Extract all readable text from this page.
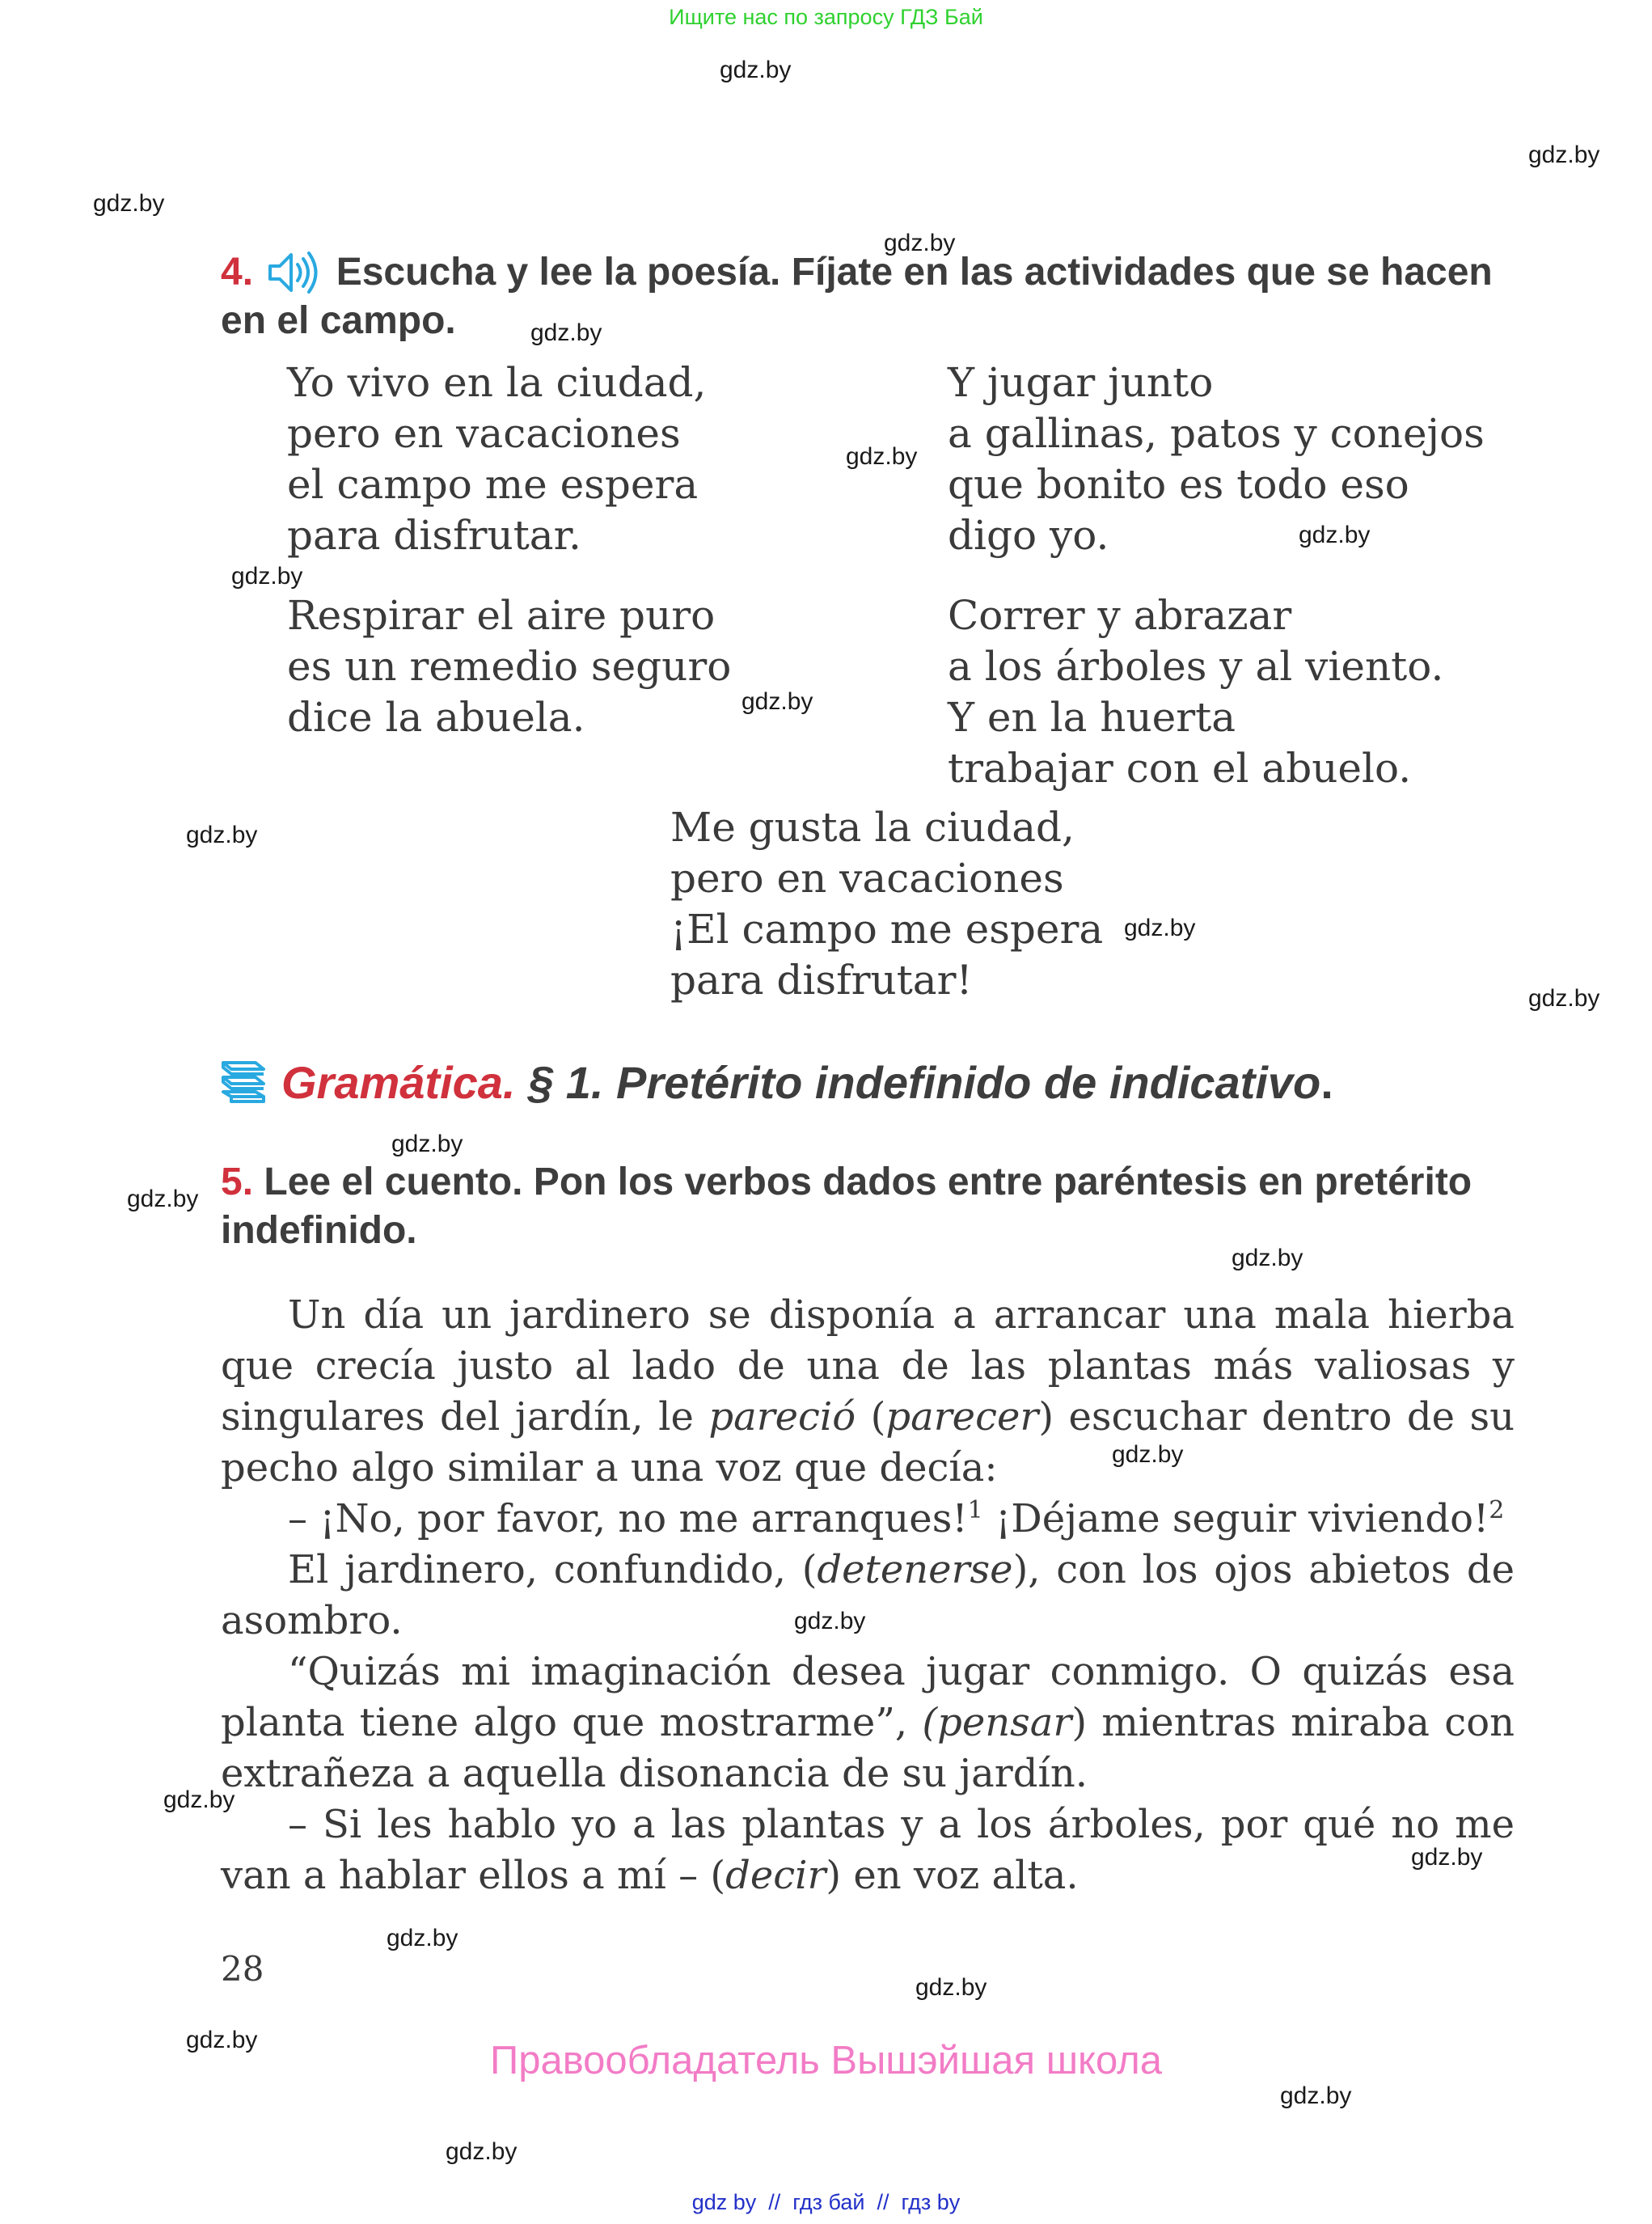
Ищите нас по запросу ГДЗ Бай
gdz.by
gdz.by
gdz.by
gdz.by
gdz.by
gdz.by
gdz.by
gdz.by
gdz.by
gdz.by
gdz.by
gdz.by
gdz.by
gdz.by
gdz.by
gdz.by
gdz.by
gdz.by
gdz.by
gdz.by
gdz.by
gdz.by
gdz.by
gdz.by
4. Escucha y lee la poesía. Fíjate en las actividades que se hacen
en el campo.
Yo vivo en la ciudad,
pero en vacaciones
el campo me espera
para disfrutar.
Respirar el aire puro
es un remedio seguro
dice la abuela.
Y jugar junto
a gallinas, patos y conejos
que bonito es todo eso
digo yo.
Correr y abrazar
a los árboles y al viento.
Y en la huerta
trabajar con el abuelo.
Me gusta la ciudad,
pero en vacaciones
¡El campo me espera
para disfrutar!
Gramática. § 1. Pretérito indefinido de indicativo.
5. Lee el cuento. Pon los verbos dados entre paréntesis en pretérito
indefinido.

Un día un jardinero se disponía a arrancar una mala hierba que crecía justo al lado de una de las plantas más valiosas y singulares del jardín, le pareció (parecer) escuchar dentro de su pecho algo similar a una voz que decía:

– ¡No, por favor, no me arranques!$^1$ ¡Déjame seguir viviendo!$^2$

El jardinero, confundido, (detenerse), con los ojos abietos de asombro.

“Quizás mi imaginación desea jugar conmigo. O quizás esa planta tiene algo que mostrarme”, (pensar) mientras miraba con extrañeza a aquella disonancia de su jardín.

– Si les hablo yo a las plantas y a los árboles, por qué no me van a hablar ellos a mí – (decir) en voz alta.

28
Правообладатель Вышэйшая школа
gdz by  //  гдз бай  //  гдз by
